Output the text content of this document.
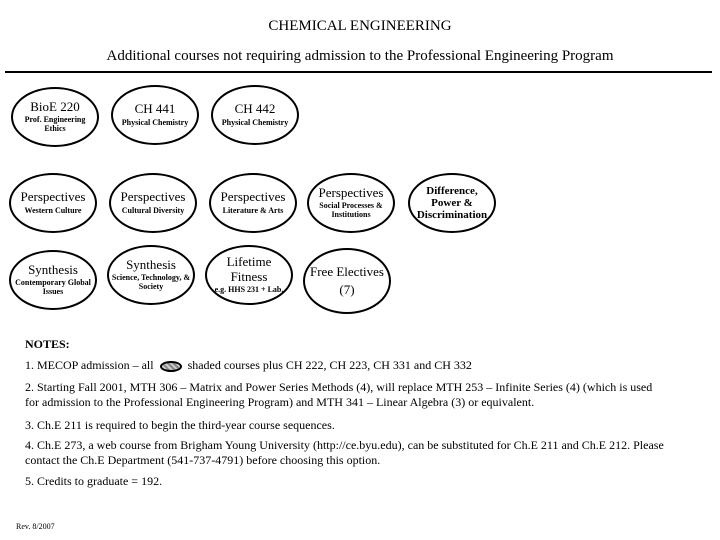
CHEMICAL ENGINEERING
Additional courses not requiring admission to the Professional Engineering Program
BioE 220
Prof. Engineering Ethics
CH 441
Physical Chemistry
CH 442
Physical Chemistry
Perspectives
Western Culture
Perspectives
Cultural Diversity
Perspectives
Literature & Arts
Perspectives
Social Processes & Institutions
Difference, Power & Discrimination
Synthesis
Contemporary Global Issues
Synthesis
Science, Technology, & Society
Lifetime Fitness
e.g. HHS 231 + Lab.
Free Electives
(7)
NOTES:
1. MECOP admission – all	shaded courses plus CH 222, CH 223, CH 331 and CH 332
2. Starting Fall 2001, MTH 306 – Matrix and Power Series Methods (4), will replace MTH 253 – Infinite Series (4) (which is used for admission to the Professional Engineering Program) and MTH 341 – Linear Algebra (3) or equivalent.
3. Ch.E 211 is required to begin the third-year course sequences.
4. Ch.E 273, a web course from Brigham Young University (http://ce.byu.edu), can be substituted for Ch.E 211 and Ch.E 212. Please contact the Ch.E Department (541-737-4791) before choosing this option.
5. Credits to graduate = 192.
Rev. 8/2007
